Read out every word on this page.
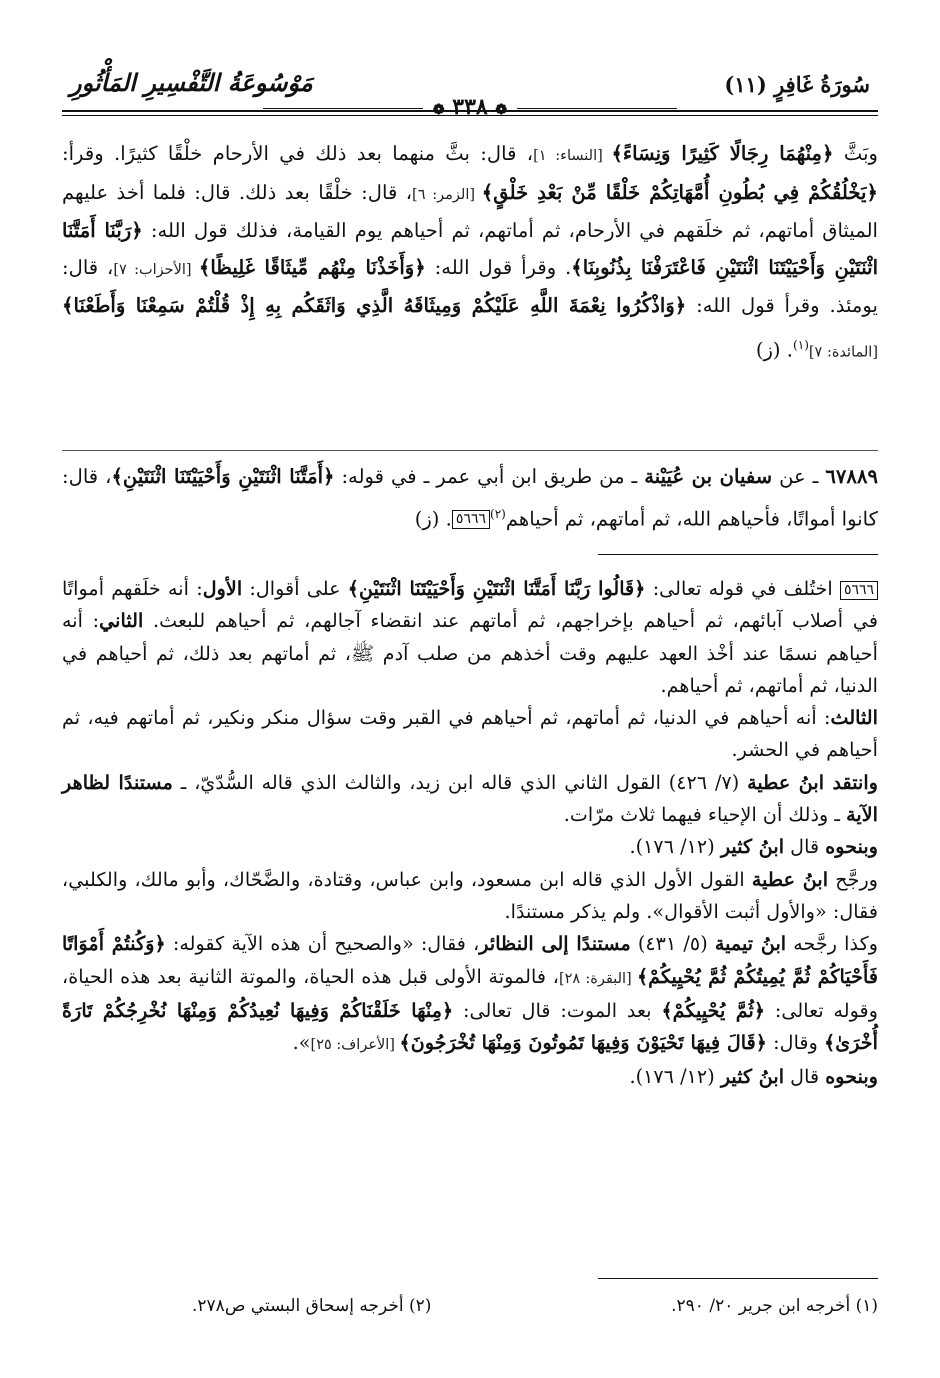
سُورَةُ غَافِرٍ (١١)
مَوْسُوعَةُ التَّفْسِيرِ المَأْثُورِ
❁ ٣٣٨ ❁
وبَثَّ ﴿مِنْهُمَا رِجَالًا كَثِيرًا وَنِسَاءً﴾ [النساء: ١]، قال: بثَّ منهما بعد ذلك في الأرحام خلْقًا كثيرًا. وقرأ: ﴿يَخْلُقُكُمْ فِي بُطُونِ أُمَّهَاتِكُمْ خَلْقًا مِّنْ بَعْدِ خَلْقٍ﴾ [الزمر: ٦]، قال: خلْقًا بعد ذلك. قال: فلما أخذ عليهم الميثاق أماتهم، ثم خلَقهم في الأرحام، ثم أماتهم، ثم أحياهم يوم القيامة، فذلك قول الله: ﴿رَبَّنَا أَمَتَّنَا اثْنَتَيْنِ وَأَحْيَيْتَنَا اثْنَتَيْنِ فَاعْتَرَفْنَا بِذُنُوبِنَا﴾. وقرأ قول الله: ﴿وَأَخَذْنَا مِنْهُم مِّيثَاقًا غَلِيظًا﴾ [الأحزاب: ٧]، قال: يومئذ. وقرأ قول الله: ﴿وَاذْكُرُوا نِعْمَةَ اللَّهِ عَلَيْكُمْ وَمِيثَاقَهُ الَّذِي وَاثَقَكُم بِهِ إِذْ قُلْتُمْ سَمِعْنَا وَأَطَعْنَا﴾ [المائدة: ٧]$^{(١)}$. (ز)
٦٧٨٨٩ ـ عن سفيان بن عُيَيْنة ـ من طريق ابن أبي عمر ـ في قوله: ﴿أَمَتَّنَا اثْنَتَيْنِ وَأَحْيَيْتَنَا اثْنَتَيْنِ﴾، قال: كانوا أمواتًا، فأحياهم الله، ثم أماتهم، ثم أحياهم$^{(٢)}$٥٦٦٦. (ز)

٥٦٦٦ اختُلف في قوله تعالى: ﴿قَالُوا رَبَّنَا أَمَتَّنَا اثْنَتَيْنِ وَأَحْيَيْتَنَا اثْنَتَيْنِ﴾ على أقوال: الأول: أنه خلَقهم أمواتًا في أصلاب آبائهم، ثم أحياهم بإخراجهم، ثم أماتهم عند انقضاء آجالهم، ثم أحياهم للبعث. الثاني: أنه أحياهم نسمًا عند أخْذ العهد عليهم وقت أخذهم من صلب آدم ﷺ، ثم أماتهم بعد ذلك، ثم أحياهم في الدنيا، ثم أماتهم، ثم أحياهم.

الثالث: أنه أحياهم في الدنيا، ثم أماتهم، ثم أحياهم في القبر وقت سؤال منكر ونكير، ثم أماتهم فيه، ثم أحياهم في الحشر.

وانتقد ابنُ عطية (٧/ ٤٢٦) القول الثاني الذي قاله ابن زيد، والثالث الذي قاله السُّدّيّ، ـ مستندًا لظاهر الآية ـ وذلك أن الإحياء فيهما ثلاث مرّات.

وبنحوه قال ابنُ كثير (١٢/ ١٧٦).

ورجَّح ابنُ عطية القول الأول الذي قاله ابن مسعود، وابن عباس، وقتادة، والضَّحّاك، وأبو مالك، والكلبي، فقال: «والأول أثبت الأقوال». ولم يذكر مستندًا.

وكذا رجَّحه ابنُ تيمية (٥/ ٤٣١) مستندًا إلى النظائر، فقال: «والصحيح أن هذه الآية كقوله: ﴿وَكُنتُمْ أَمْوَاتًا فَأَحْيَاكُمْ ثُمَّ يُمِيتُكُمْ ثُمَّ يُحْيِيكُمْ﴾ [البقرة: ٢٨]، فالموتة الأولى قبل هذه الحياة، والموتة الثانية بعد هذه الحياة، وقوله تعالى: ﴿ثُمَّ يُحْيِيكُمْ﴾ بعد الموت: قال تعالى: ﴿مِنْهَا خَلَقْنَاكُمْ وَفِيهَا نُعِيدُكُمْ وَمِنْهَا نُخْرِجُكُمْ تَارَةً أُخْرَىٰ﴾ وقال: ﴿قَالَ فِيهَا تَحْيَوْنَ وَفِيهَا تَمُوتُونَ وَمِنْهَا تُخْرَجُونَ﴾ [الأعراف: ٢٥]».

وبنحوه قال ابنُ كثير (١٢/ ١٧٦).

(١) أخرجه ابن جرير ٢٠/ ٢٩٠.
(٢) أخرجه إسحاق البستي ص٢٧٨.
